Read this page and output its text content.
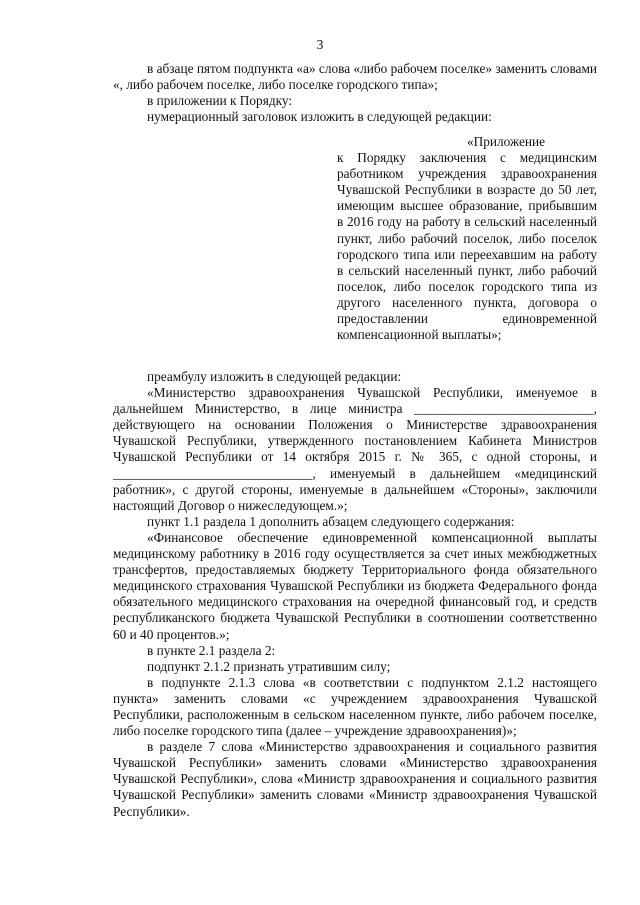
3

в абзаце пятом подпункта «а» слова «либо рабочем поселке» заменить словами «, либо рабочем поселке, либо поселке городского типа»;

в приложении к Порядку:

нумерационный заголовок изложить в следующей редакции:

«Приложение

к Порядку заключения с медицинским работником учреждения здравоохранения Чувашской Республики в возрасте до 50 лет, имеющим высшее образование, прибывшим в 2016 году на работу в сельский населенный пункт, либо рабочий поселок, либо поселок городского типа или переехавшим на работу в сельский населенный пункт, либо рабочий поселок, либо поселок городского типа из другого населенного пункта, договора о предоставлении единовременной компенсационной выплаты»;

преамбулу изложить в следующей редакции:

«Министерство здравоохранения Чувашской Республики, именуемое в дальнейшем Министерство, в лице министра ___________________________, действующего на основании Положения о Министерстве здравоохранения Чувашской Республики, утвержденного постановлением Кабинета Министров Чувашской Республики от 14 октября 2015 г. № 365, с одной стороны, и ______________________________, именуемый в дальнейшем «медицинский работник», с другой стороны, именуемые в дальнейшем «Стороны», заключили настоящий Договор о нижеследующем.»;

пункт 1.1 раздела 1 дополнить абзацем следующего содержания:

«Финансовое обеспечение единовременной компенсационной выплаты медицинскому работнику в 2016 году осуществляется за счет иных межбюджетных трансфертов, предоставляемых бюджету Территориального фонда обязательного медицинского страхования Чувашской Республики из бюджета Федерального фонда обязательного медицинского страхования на очередной финансовый год, и средств республиканского бюджета Чувашской Республики в соотношении соответственно 60 и 40 процентов.»;

в пункте 2.1 раздела 2:

подпункт 2.1.2 признать утратившим силу;

в подпункте 2.1.3 слова «в соответствии с подпунктом 2.1.2 настоящего пункта» заменить словами «с учреждением здравоохранения Чувашской Республики, расположенным в сельском населенном пункте, либо рабочем поселке, либо поселке городского типа (далее – учреждение здравоохранения)»;

в разделе 7 слова «Министерство здравоохранения и социального развития Чувашской Республики» заменить словами «Министерство здравоохранения Чувашской Республики», слова «Министр здравоохранения и социального развития Чувашской Республики» заменить словами «Министр здравоохранения Чувашской Республики».
